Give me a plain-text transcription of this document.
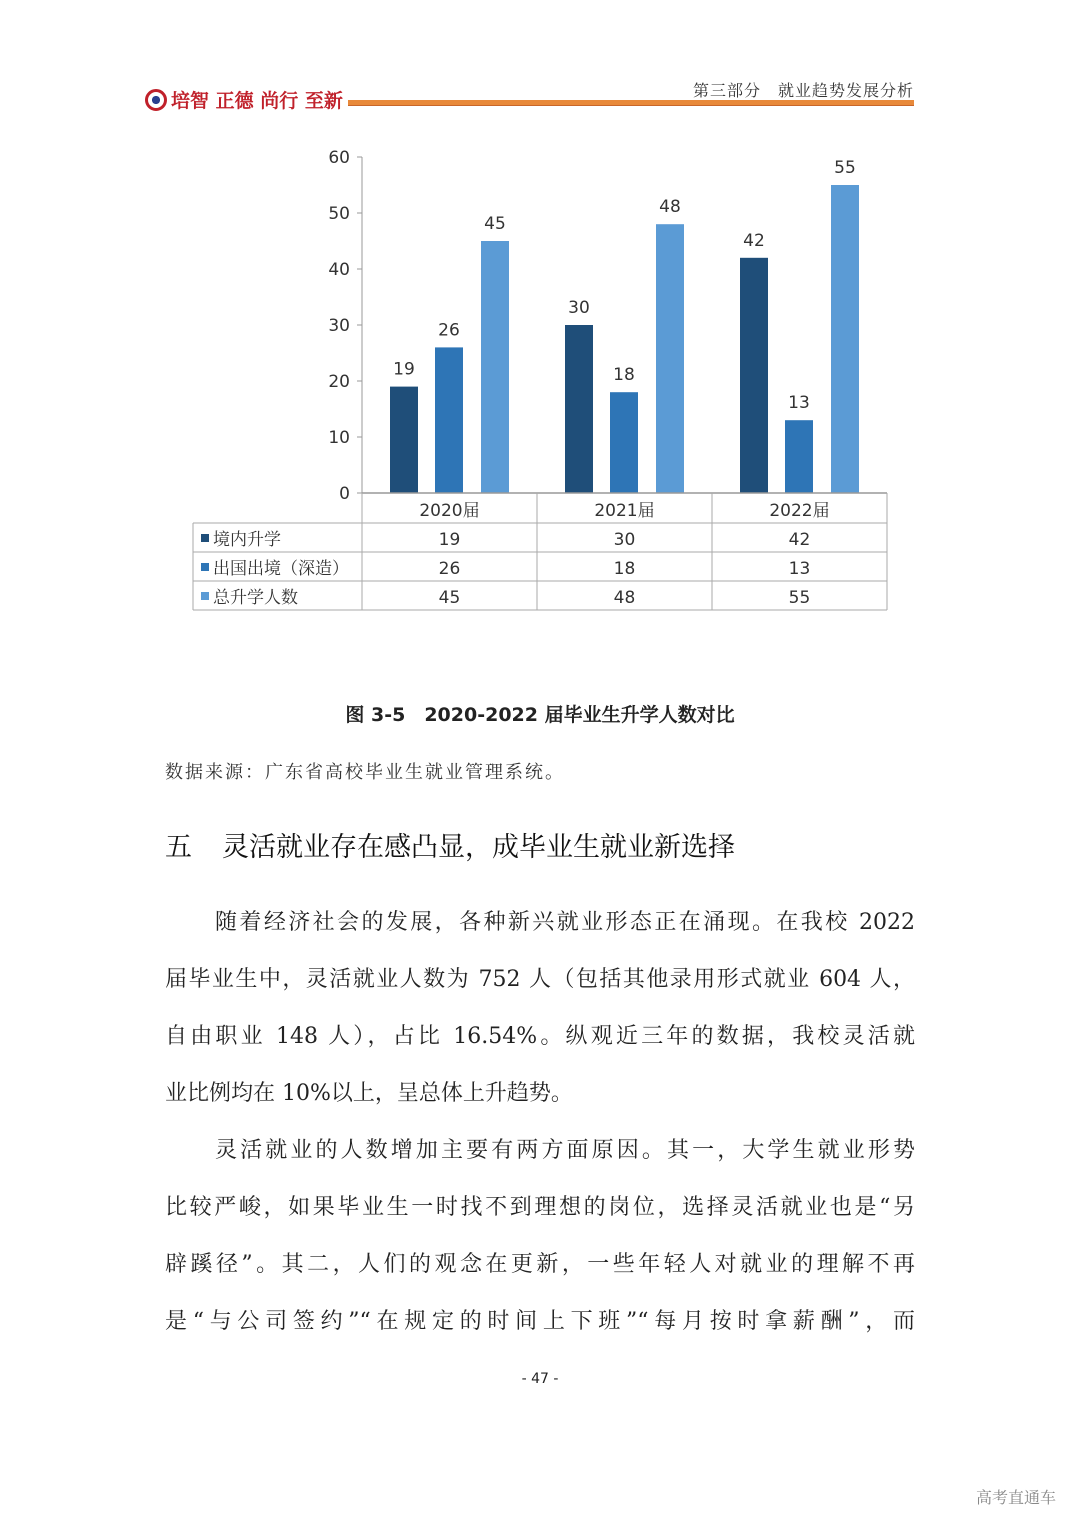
培智 正德 尚行 至新	第三部分　就业趋势发展分析
0
10
20
30
40
50
60
19
26
45
30
18
48
42
13
55
2020届	2021届	2022届
境内升学	19	30	42
出国出境（深造）	26	18	13
总升学人数	45	48	55
图 3-5　2020-2022 届毕业生升学人数对比
数据来源：广东省高校毕业生就业管理系统。
五 灵活就业存在感凸显，成毕业生就业新选择
随着经济社会的发展，各种新兴就业形态正在涌现。在我校 2022
届毕业生中，灵活就业人数为 752 人（包括其他录用形式就业 604 人，
自由职业 148 人），占比 16.54%。纵观近三年的数据，我校灵活就
业比例均在 10%以上，呈总体上升趋势。
灵活就业的人数增加主要有两方面原因。其一，大学生就业形势
比较严峻，如果毕业生一时找不到理想的岗位，选择灵活就业也是“另
辟蹊径”。其二，人们的观念在更新，一些年轻人对就业的理解不再
是“与公司签约”“在规定的时间上下班”“每月按时拿薪酬”，而
- 47 -
高考直通车
